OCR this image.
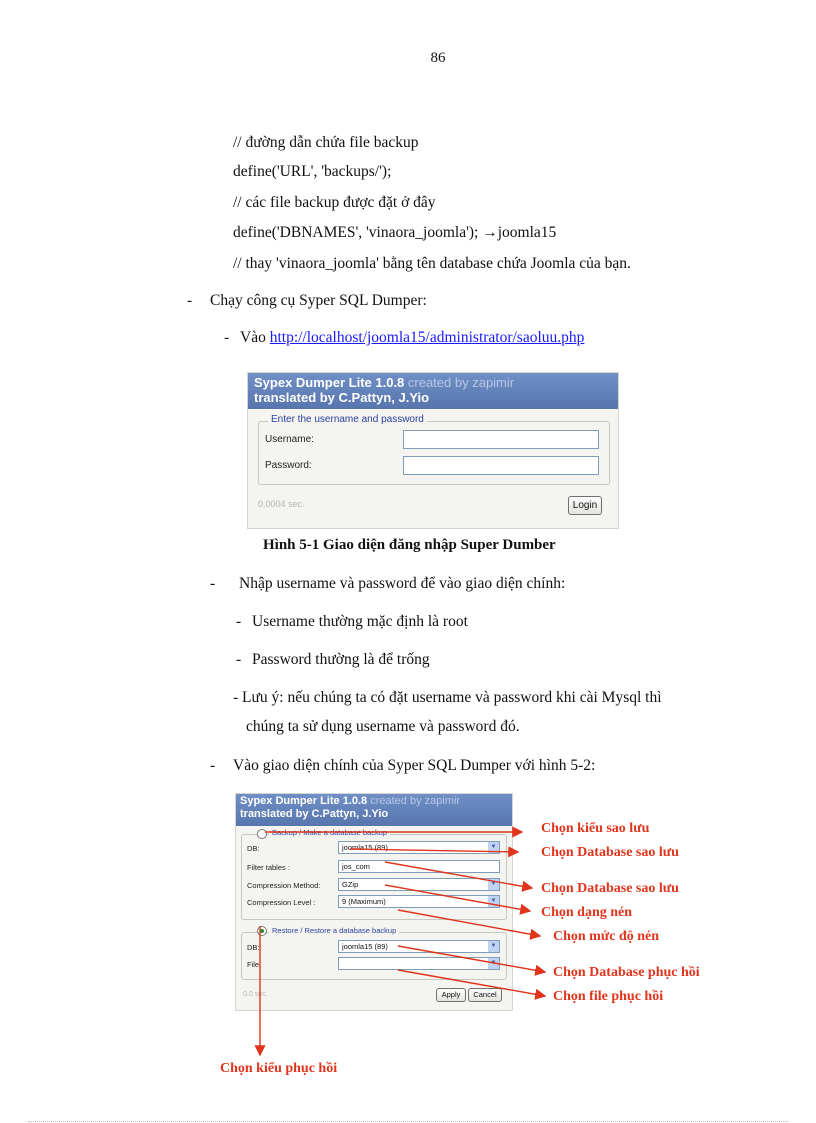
86
// đường dẫn chứa file backup
define('URL', 'backups/');
// các file backup được đặt ở đây
define('DBNAMES', 'vinaora_joomla'); →joomla15
// thay 'vinaora_joomla' bằng tên database chứa Joomla của bạn.
- Chạy công cụ Syper SQL Dumper:
- Vào http://localhost/joomla15/administrator/saoluu.php
Sypex Dumper Lite 1.0.8 created by zapimir
translated by C.Pattyn, J.Yio
Enter the username and password
Username:
Password:
0.0004 sec.	Login
Hình 5-1 Giao diện đăng nhập Super Dumber
- Nhập username và password để vào giao diện chính:
- Username thường mặc định là root
- Password thường là để trống
- Lưu ý: nếu chúng ta có đặt username và password khi cài Mysql thì
chúng ta sử dụng username và password đó.
- Vào giao diện chính của Syper SQL Dumper với hình 5-2:
Sypex Dumper Lite 1.0.8 created by zapimir
translated by C.Pattyn, J.Yio
Backup / Make a database backup
DB:	joomla15 (89)	▼
Filter tables :	jos_com
Compression Method:	GZip	▼
Compression Level :	9 (Maximum)	▼
Restore / Restore a database backup
DB:	joomla15 (89)	▼
File:	▼
0.0 sec.	Apply	Cancel
Chọn kiểu sao lưu
Chọn Database sao lưu
Chọn Database sao lưu
Chọn dạng nén
Chọn mức độ nén
Chọn Database phục hồi
Chọn file phục hồi
Chọn kiểu phục hồi
